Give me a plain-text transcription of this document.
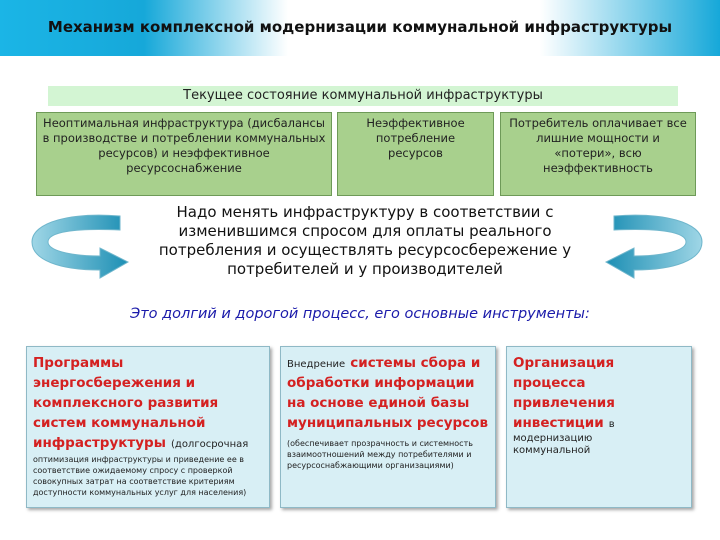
Механизм комплексной модернизации коммунальной инфраструктуры
Текущее состояние коммунальной инфраструктуры
Неоптимальная инфраструктура (дисбалансы в производстве и потреблении коммунальных ресурсов) и неэффективное ресурсоснабжение
Неэффективное потребление ресурсов
Потребитель оплачивает все лишние мощности и «потери», всю неэффективность
Надо менять инфраструктуру в соответствии с изменившимся спросом для оплаты реального потребления и осуществлять ресурсосбережение у потребителей и у производителей
Это долгий и дорогой процесс, его основные инструменты:
Программы энергосбережения и комплексного развития систем коммунальной инфраструктуры (долгосрочная
оптимизация инфраструктуры и приведение ее в соответствие ожидаемому спросу с проверкой совокупных затрат на соответствие критериям доступности коммунальных услуг для населения)
Внедрение системы сбора и обработки информации на основе единой базы муниципальных ресурсов
(обеспечивает прозрачность и системность взаимоотношений между потребителями и ресурсоснабжающими организациями)
Организация процесса привлечения инвестиции в
модернизацию коммунальной
